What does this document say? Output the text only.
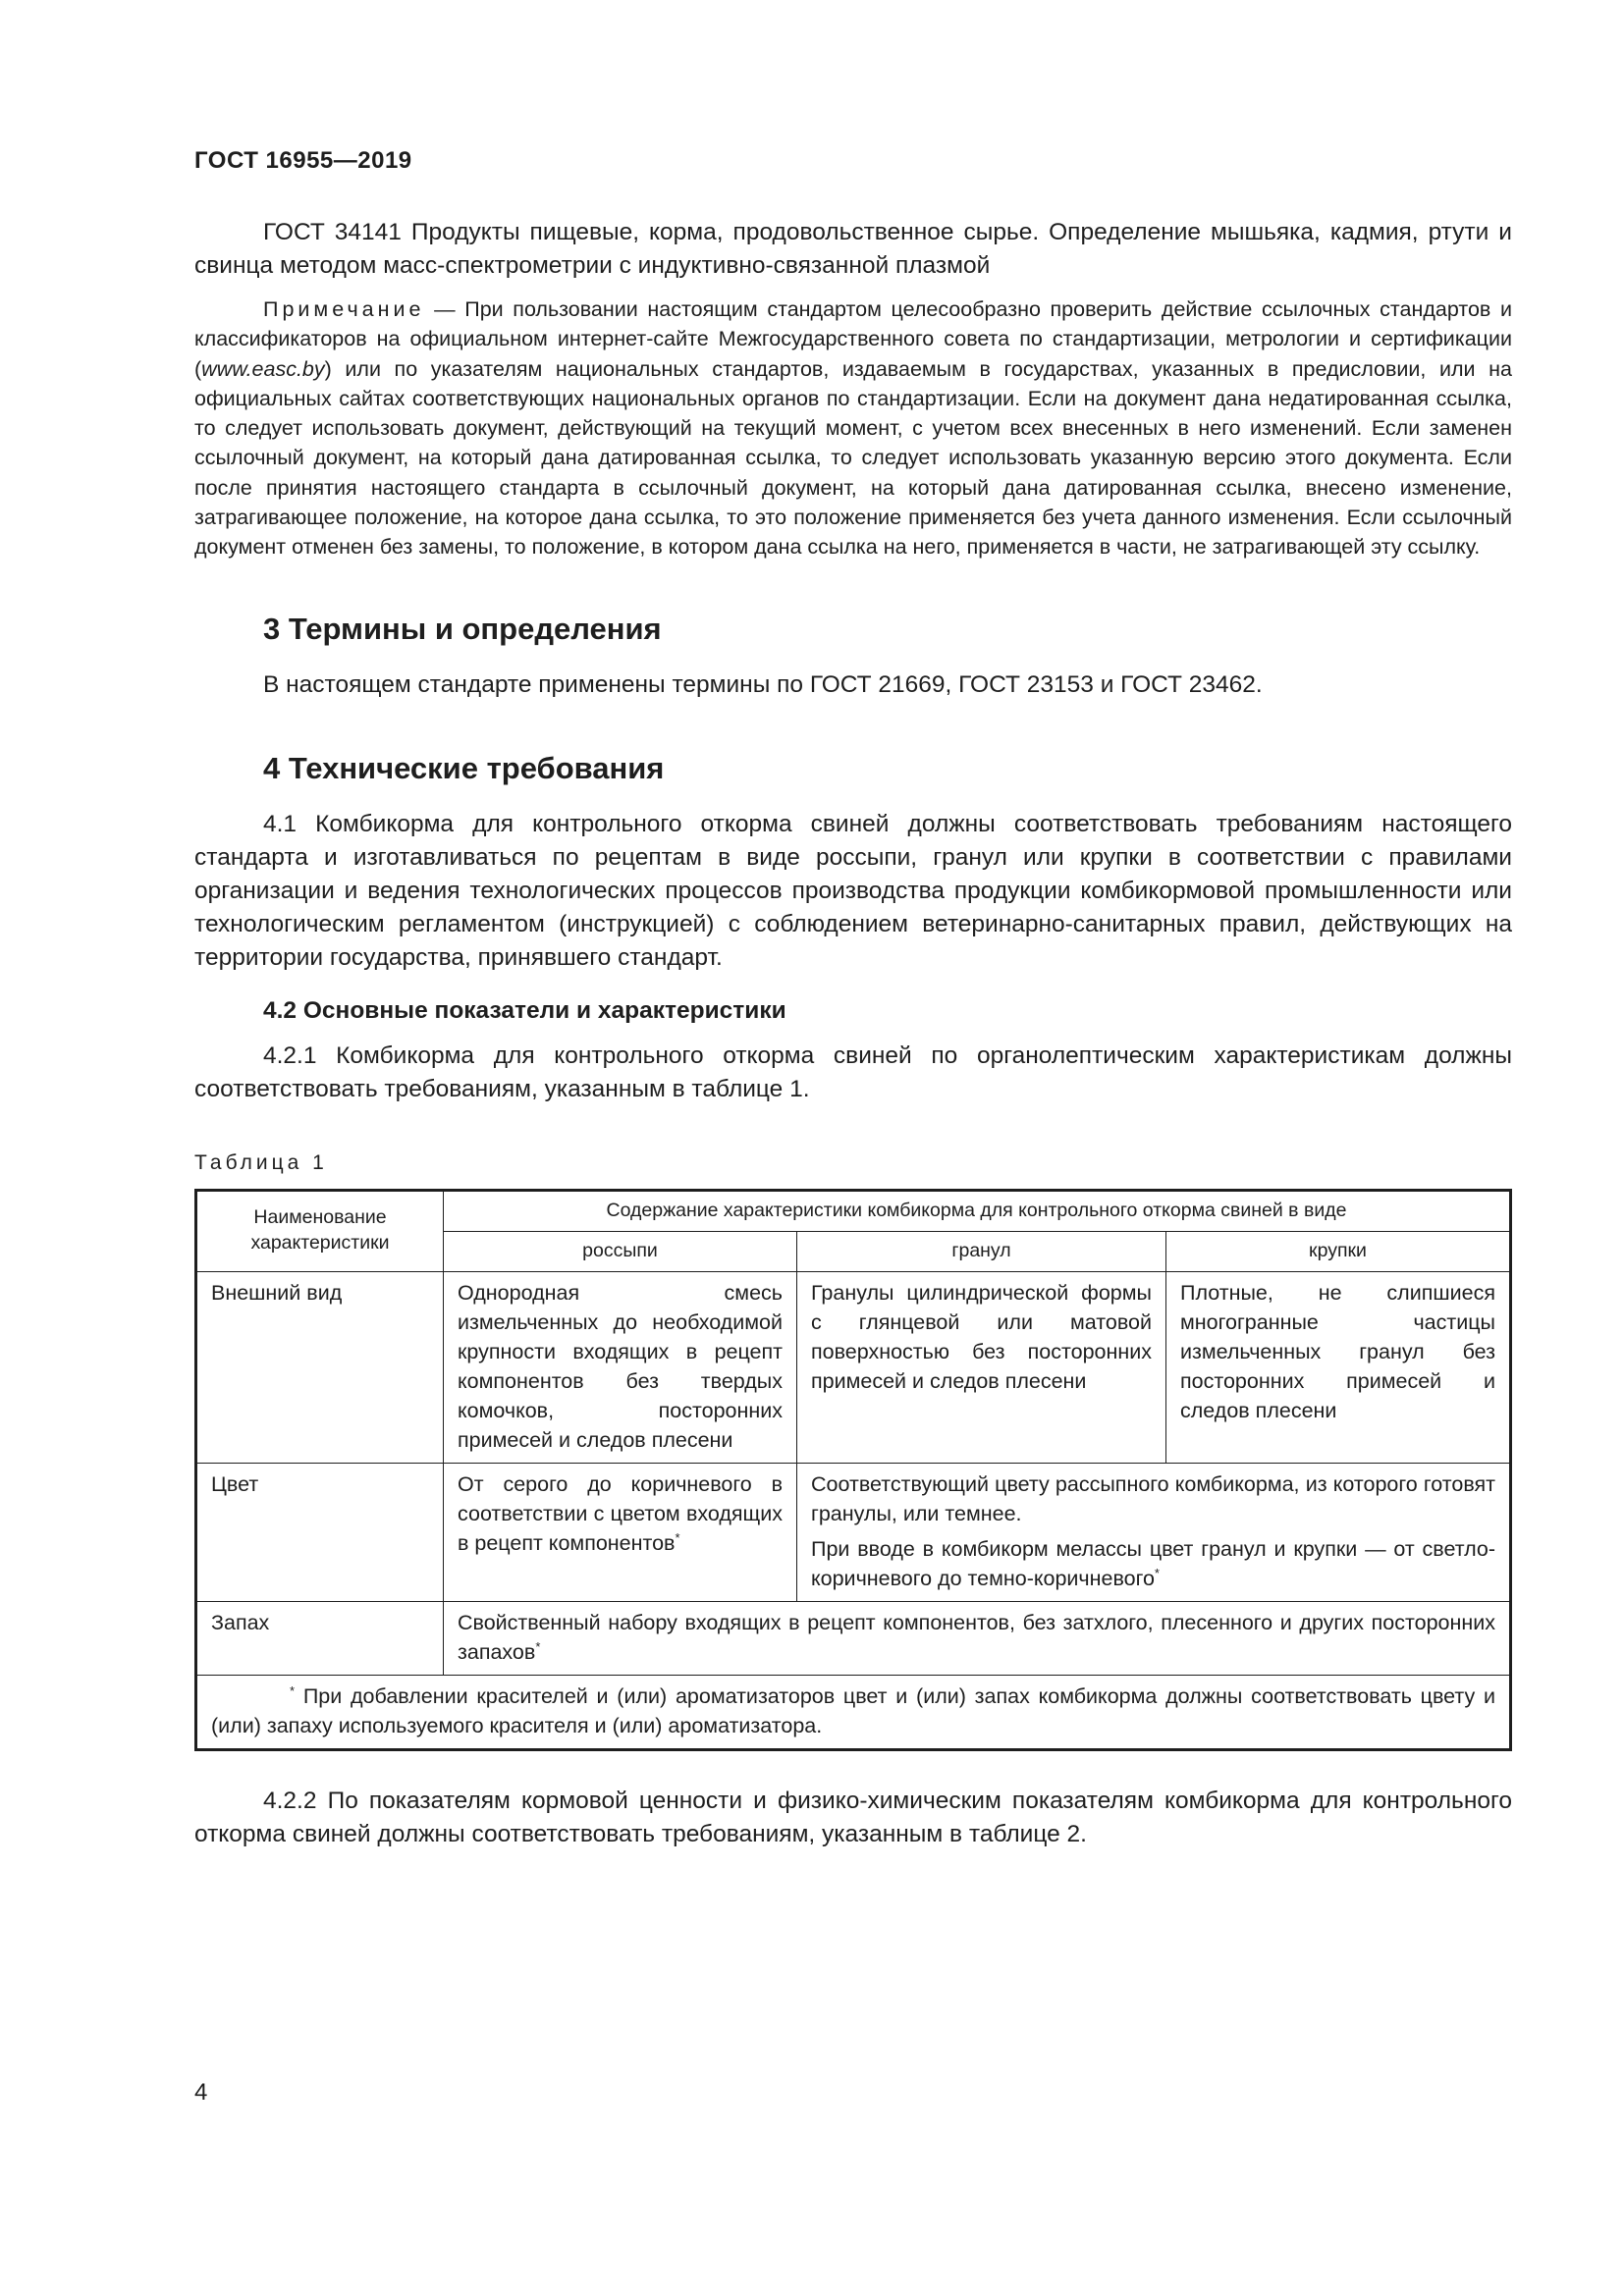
ГОСТ 16955—2019

ГОСТ 34141 Продукты пищевые, корма, продовольственное сырье. Определение мышьяка, кадмия, ртути и свинца методом масс-спектрометрии с индуктивно-связанной плазмой

Примечание — При пользовании настоящим стандартом целесообразно проверить действие ссылочных стандартов и классификаторов на официальном интернет-сайте Межгосударственного совета по стандартизации, метрологии и сертификации (www.easc.by) или по указателям национальных стандартов, издаваемым в государствах, указанных в предисловии, или на официальных сайтах соответствующих национальных органов по стандартизации. Если на документ дана недатированная ссылка, то следует использовать документ, действующий на текущий момент, с учетом всех внесенных в него изменений. Если заменен ссылочный документ, на который дана датированная ссылка, то следует использовать указанную версию этого документа. Если после принятия настоящего стандарта в ссылочный документ, на который дана датированная ссылка, внесено изменение, затрагивающее положение, на которое дана ссылка, то это положение применяется без учета данного изменения. Если ссылочный документ отменен без замены, то положение, в котором дана ссылка на него, применяется в части, не затрагивающей эту ссылку.

3 Термины и определения

В настоящем стандарте применены термины по ГОСТ 21669, ГОСТ 23153 и ГОСТ 23462.

4 Технические требования

4.1 Комбикорма для контрольного откорма свиней должны соответствовать требованиям настоящего стандарта и изготавливаться по рецептам в виде россыпи, гранул или крупки в соответствии с правилами организации и ведения технологических процессов производства продукции комбикормовой промышленности или технологическим регламентом (инструкцией) с соблюдением ветеринарно-санитарных правил, действующих на территории государства, принявшего стандарт.

4.2 Основные показатели и характеристики

4.2.1 Комбикорма для контрольного откорма свиней по органолептическим характеристикам должны соответствовать требованиям, указанным в таблице 1.

Таблица 1
Наименование характеристики	Содержание характеристики комбикорма для контрольного откорма свиней в виде		
	россыпи	гранул	крупки
Внешний вид	Однородная смесь измельченных до необходимой крупности входящих в рецепт компонентов без твердых комочков, посторонних примесей и следов плесени	Гранулы цилиндрической формы с глянцевой или матовой поверхностью без посторонних примесей и следов плесени	Плотные, не слипшиеся многогранные частицы измельченных гранул без посторонних примесей и следов плесени
Цвет	От серого до коричневого в соответствии с цветом входящих в рецепт компонентов*	Соответствующий цвету рассыпного комбикорма, из которого готовят гранулы, или темнее.

При вводе в комбикорм мелассы цвет гранул и крупки — от светло-коричневого до темно-коричневого*

Запах	Свойственный набору входящих в рецепт компонентов, без затхлого, плесенного и других посторонних запахов*
* При добавлении красителей и (или) ароматизаторов цвет и (или) запах комбикорма должны соответствовать цвету и (или) запаху используемого красителя и (или) ароматизатора.			

4.2.2 По показателям кормовой ценности и физико-химическим показателям комбикорма для контрольного откорма свиней должны соответствовать требованиям, указанным в таблице 2.

4
